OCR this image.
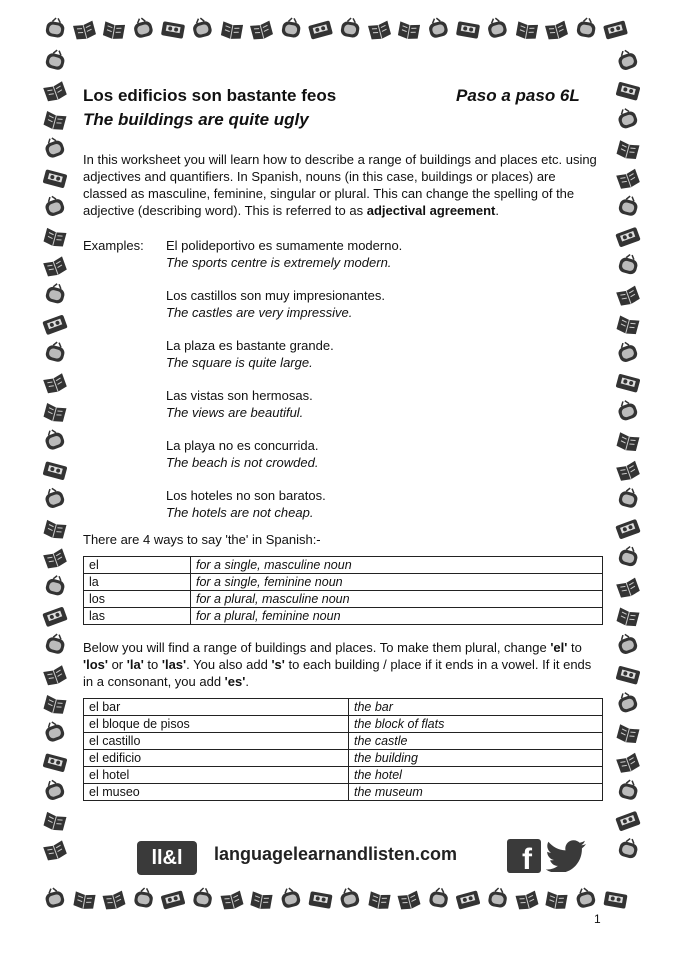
Los edificios son bastante feos	Paso a paso 6L
The buildings are quite ugly

In this worksheet you will learn how to describe a range of buildings and places etc. using adjectives and quantifiers. In Spanish, nouns (in this case, buildings or places) are classed as masculine, feminine, singular or plural. This can change the spelling of the adjective (describing word). This is referred to as adjectival agreement.

Examples: El polideportivo es sumamente moderno.
The sports centre is extremely modern.
Los castillos son muy impresionantes.
The castles are very impressive.
La plaza es bastante grande.
The square is quite large.
Las vistas son hermosas.
The views are beautiful.
La playa no es concurrida.
The beach is not crowded.
Los hoteles no son baratos.
The hotels are not cheap.

There are 4 ways to say 'the' in Spanish:-

el	for a single, masculine noun
la	for a single, feminine noun
los	for a plural, masculine noun
las	for a plural, feminine noun

Below you will find a range of buildings and places. To make them plural, change 'el' to 'los' or 'la' to 'las'. You also add 's' to each building / place if it ends in a vowel. If it ends in a consonant, you add 'es'.

el bar	the bar
el bloque de pisos	the block of flats
el castillo	the castle
el edificio	the building
el hotel	the hotel
el museo	the museum
ll&l	languagelearnandlisten.com f
1
